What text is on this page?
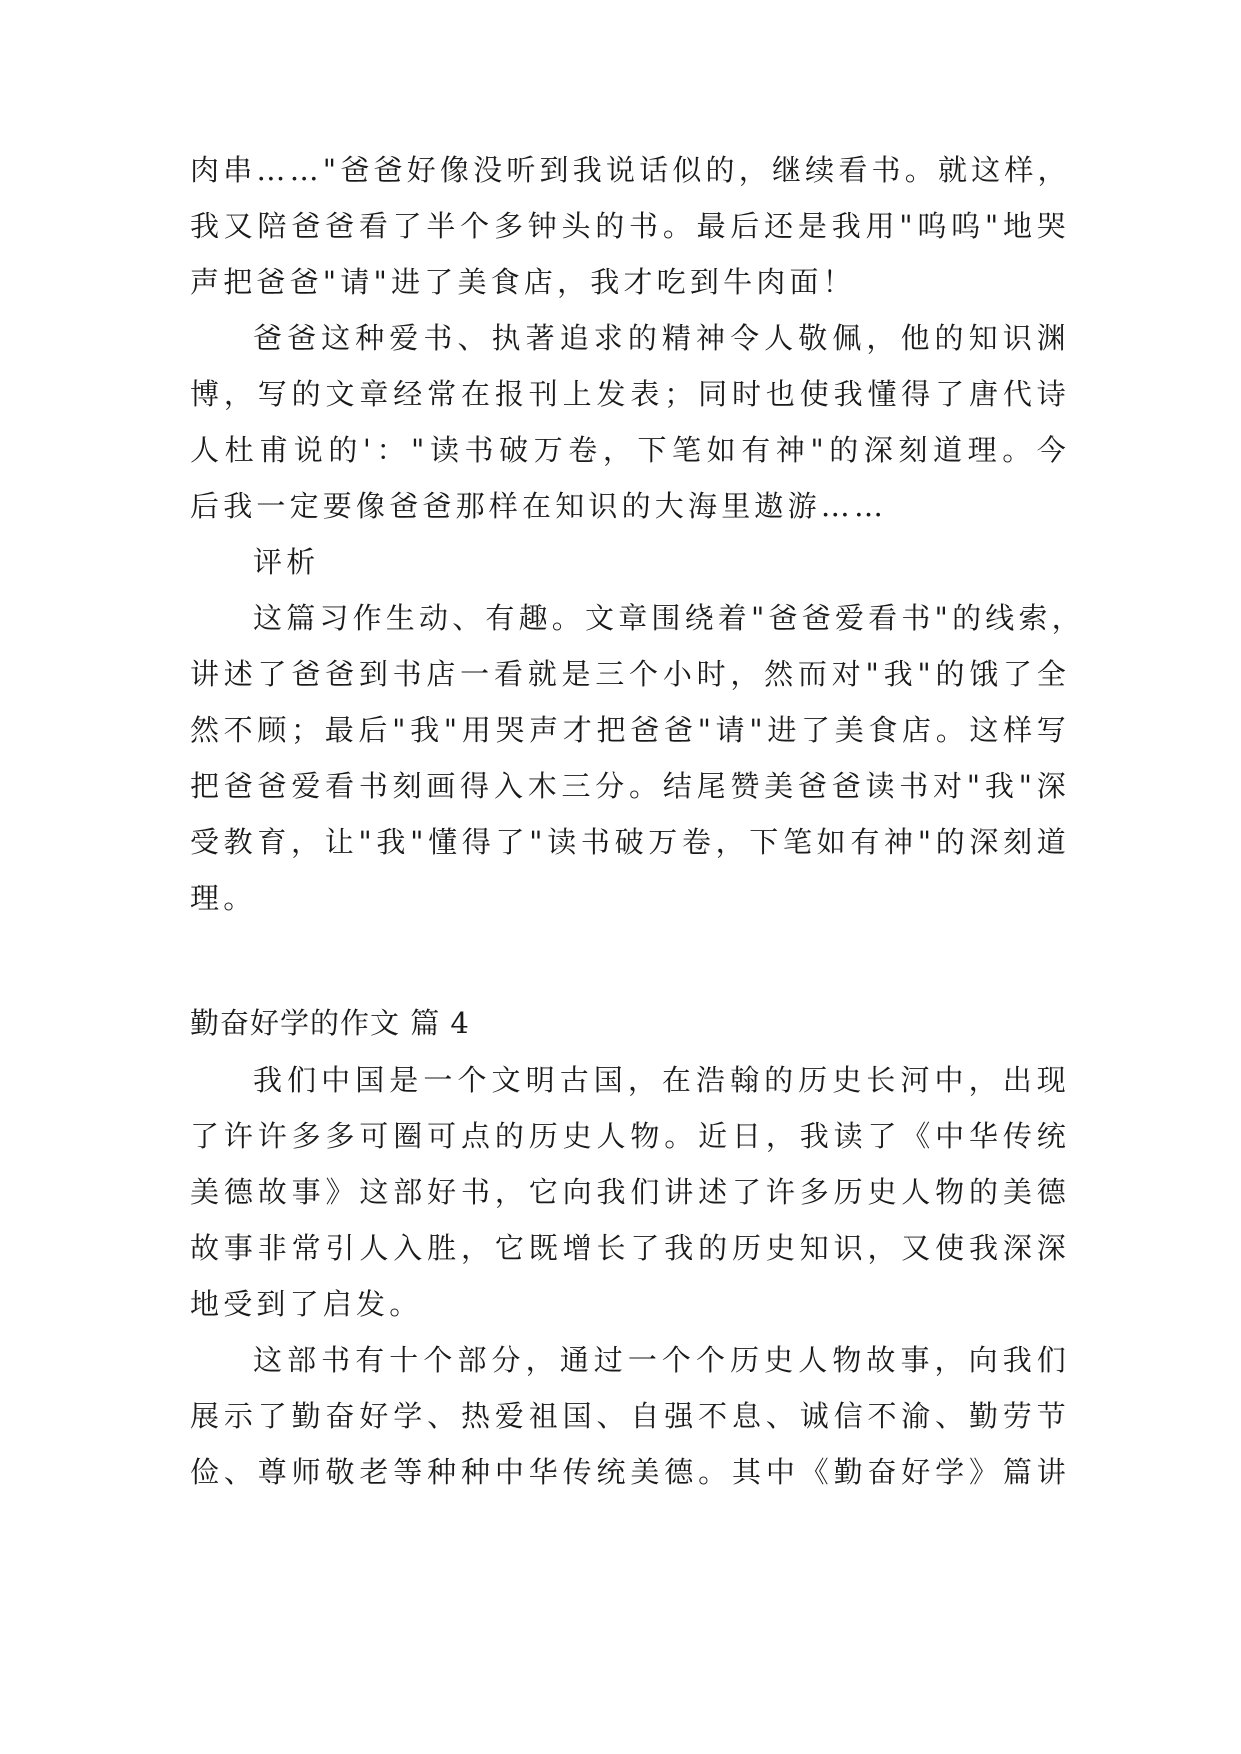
肉串……"爸爸好像没听到我说话似的，继续看书。就这样，
我又陪爸爸看了半个多钟头的书。最后还是我用"呜呜"地哭
声把爸爸"请"进了美食店，我才吃到牛肉面！
爸爸这种爱书、执著追求的精神令人敬佩，他的知识渊
博，写的文章经常在报刊上发表；同时也使我懂得了唐代诗
人杜甫说的'："读书破万卷，下笔如有神"的深刻道理。今
后我一定要像爸爸那样在知识的大海里遨游……
评析
这篇习作生动、有趣。文章围绕着"爸爸爱看书"的线索，
讲述了爸爸到书店一看就是三个小时，然而对"我"的饿了全
然不顾；最后"我"用哭声才把爸爸"请"进了美食店。这样写
把爸爸爱看书刻画得入木三分。结尾赞美爸爸读书对"我"深
受教育，让"我"懂得了"读书破万卷，下笔如有神"的深刻道
理。
勤奋好学的作文 篇 4
我们中国是一个文明古国，在浩翰的历史长河中，出现
了许许多多可圈可点的历史人物。近日，我读了《中华传统
美德故事》这部好书，它向我们讲述了许多历史人物的美德
故事非常引人入胜，它既增长了我的历史知识，又使我深深
地受到了启发。
这部书有十个部分，通过一个个历史人物故事，向我们
展示了勤奋好学、热爱祖国、自强不息、诚信不渝、勤劳节
俭、尊师敬老等种种中华传统美德。其中《勤奋好学》篇讲
